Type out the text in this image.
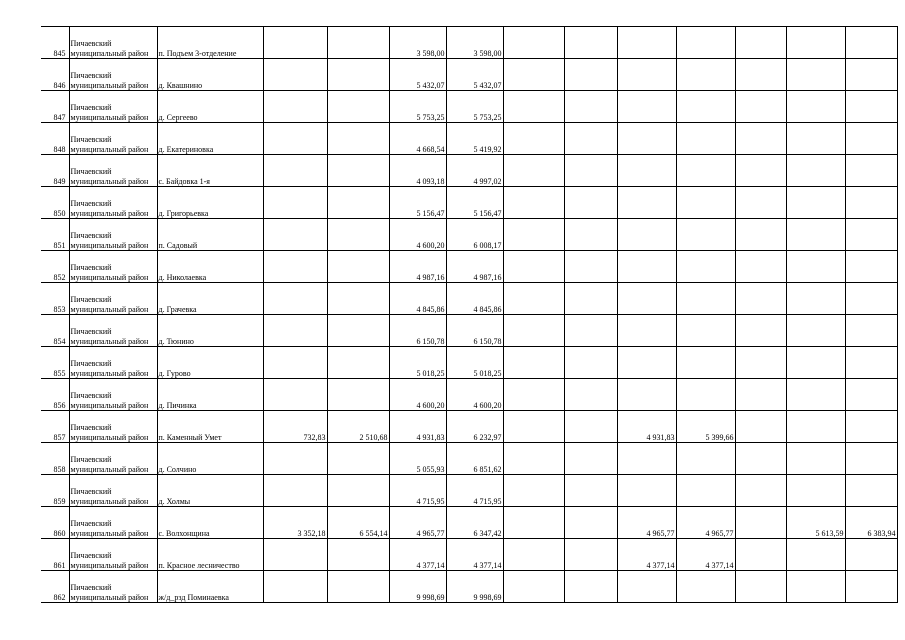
845	Пичаевский муниципальный район	п. Подъем 3-отделение			3 598,00	3 598,00							
846	Пичаевский муниципальный район	д. Квашнино			5 432,07	5 432,07							
847	Пичаевский муниципальный район	д. Сергеево			5 753,25	5 753,25							
848	Пичаевский муниципальный район	д. Екатериновка			4 668,54	5 419,92							
849	Пичаевский муниципальный район	с. Байдовка 1-я			4 093,18	4 997,02							
850	Пичаевский муниципальный район	д. Григорьевка			5 156,47	5 156,47							
851	Пичаевский муниципальный район	п. Садовый			4 600,20	6 008,17							
852	Пичаевский муниципальный район	д. Николаевка			4 987,16	4 987,16							
853	Пичаевский муниципальный район	д. Грачевка			4 845,86	4 845,86							
854	Пичаевский муниципальный район	д. Тюнино			6 150,78	6 150,78							
855	Пичаевский муниципальный район	д. Гурово			5 018,25	5 018,25							
856	Пичаевский муниципальный район	д. Пичинка			4 600,20	4 600,20							
857	Пичаевский муниципальный район	п. Каменный Умет	732,83	2 510,68	4 931,83	6 232,97			4 931,83	5 399,66			
858	Пичаевский муниципальный район	д. Солчино			5 055,93	6 851,62							
859	Пичаевский муниципальный район	д. Холмы			4 715,95	4 715,95							
860	Пичаевский муниципальный район	с. Волхонщина	3 352,18	6 554,14	4 965,77	6 347,42			4 965,77	4 965,77		5 613,59	6 383,94
861	Пичаевский муниципальный район	п. Красное лесничество			4 377,14	4 377,14			4 377,14	4 377,14			
862	Пичаевский муниципальный район	ж/д_рзд Поминаевка			9 998,69	9 998,69							
